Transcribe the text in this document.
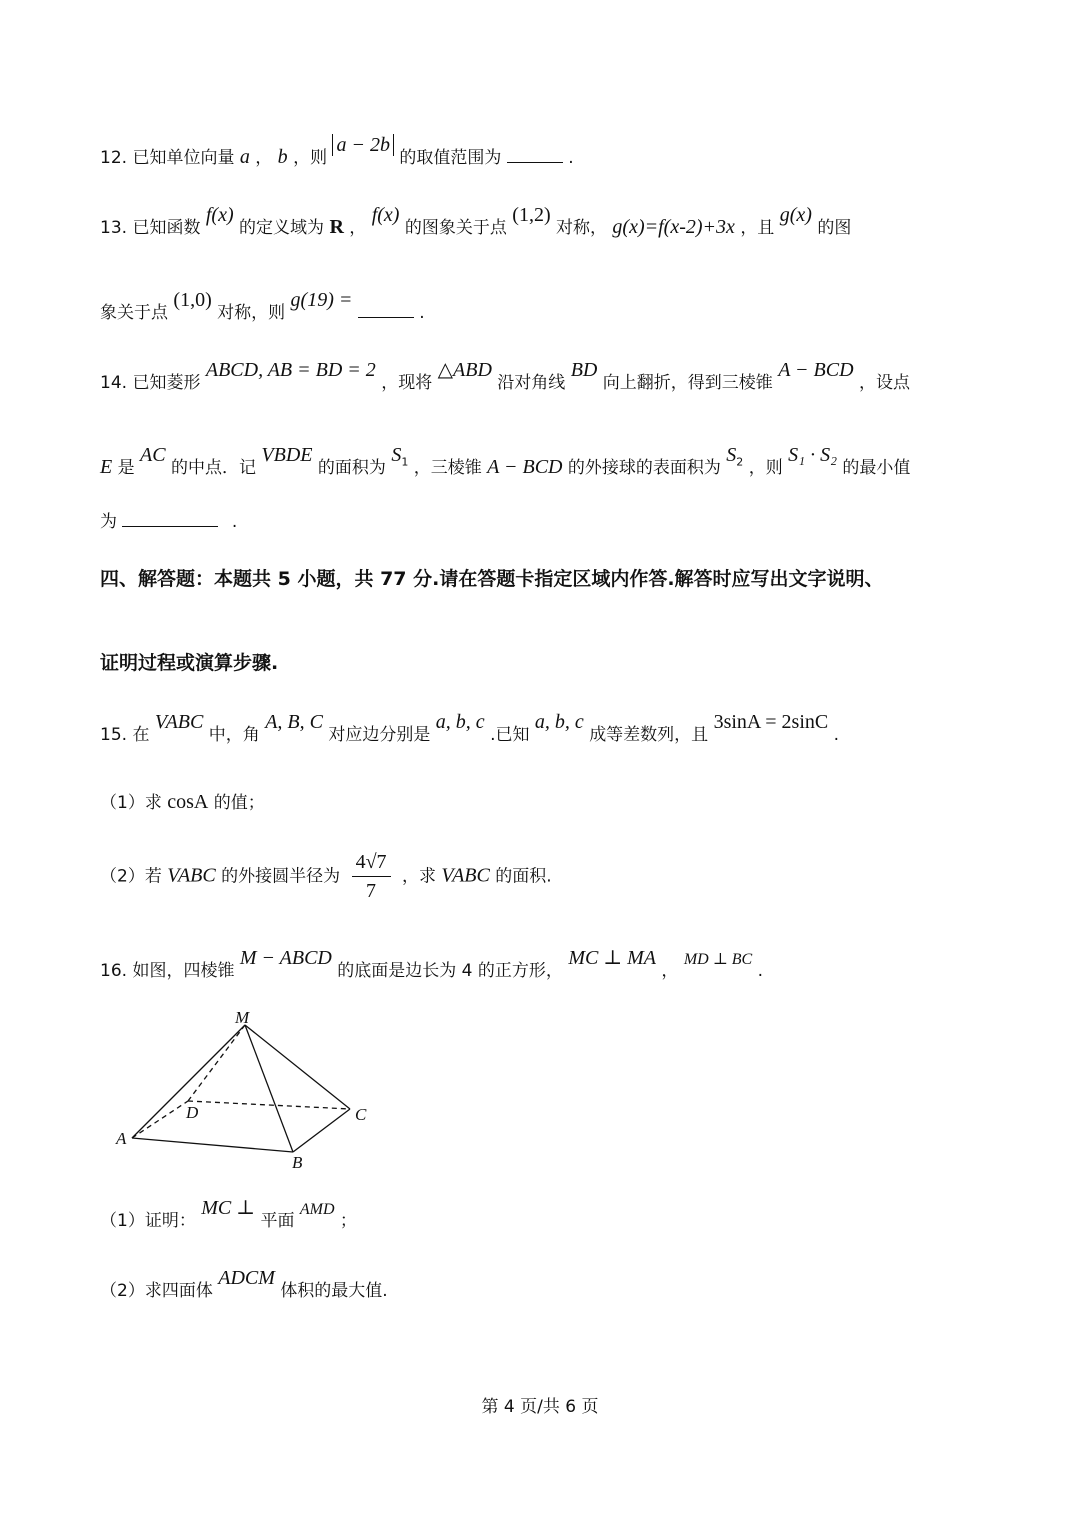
12. 已知单位向量 a ， b ，则 a − 2b 的取值范围为	.
13. 已知函数 f(x) 的定义域为 R ， f(x) 的图象关于点 (1,2) 对称， g(x)=f(x-2)+3x ，且 g(x) 的图
象关于点 (1,0) 对称，则 g(19) =  .
14. 已知菱形 ABCD, AB = BD = 2 ，现将 △ABD 沿对角线 BD 向上翻折，得到三棱锥 A − BCD ，设点
E 是 AC 的中点．记 VBDE 的面积为 $S_1$ ，三棱锥 A − BCD 的外接球的表面积为 $S_2$ ，则 S₁ · S₂ 的最小值
为	.
四、解答题：本题共 5 小题，共 77 分.请在答题卡指定区域内作答.解答时应写出文字说明、
证明过程或演算步骤.
15. 在 VABC 中，角 A, B, C 对应边分别是 a, b, c .已知 a, b, c 成等差数列，且 3sinA = 2sinC .
（1）求 cosA 的值；
（2）若 VABC 的外接圆半径为 $\frac{4√7}{7}$ ，求 VABC 的面积.
16. 如图，四棱锥 M − ABCD 的底面是边长为 4 的正方形， MC ⊥ MA ， MD ⊥ BC .
M
A
B
C
D
（1）证明： MC ⊥ 平面 AMD ；
（2）求四面体 ADCM 体积的最大值.
第 4 页/共 6 页
